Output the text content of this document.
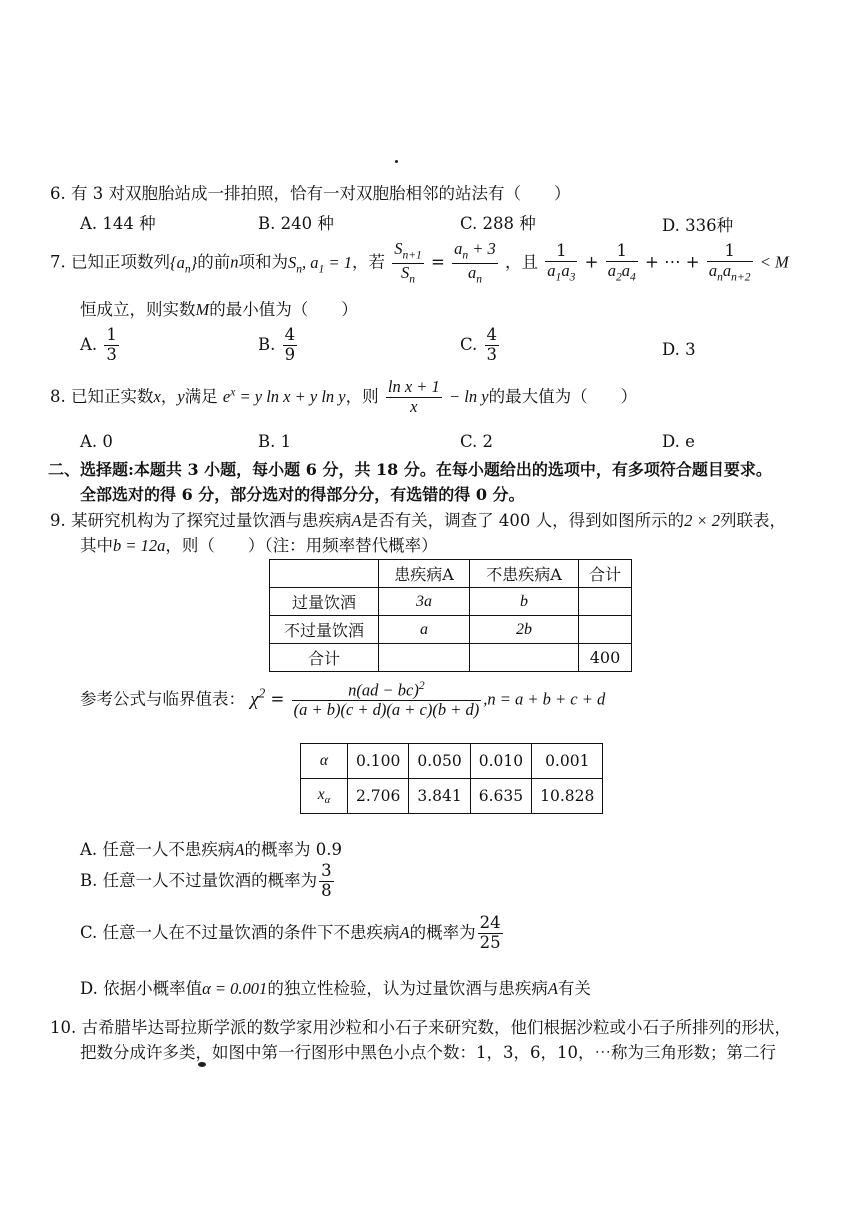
6. 有 3 对双胞胎站成一排拍照，恰有一对双胞胎相邻的站法有（　　）
A. 144 种	B. 240 种	C. 288 种	D. 336种
7. 已知正项数列$\{a_n\}$的前n项和为$S_n$, $a_1 = 1$，若 $\frac{S_{n+1}}{S_n} = \frac{a_n + 3}{a_n}$ ，且 $\frac{1}{a_1a_3} + \frac{1}{a_2a_4}$ + ⋯ + $\frac{1}{a_na_{n+2}} < M$
恒成立，则实数M的最小值为（　　）
A. $\frac{1}{3}$	B. $\frac{4}{9}$	C. $\frac{4}{3}$	D. 3
8. 已知正实数x，y满足 $e^x = y$ ln x + y ln y，则 $\frac{\text{ln x + 1}}{x} - \ln y$的最大值为（　　）
A. 0	B. 1	C. 2	D. e
二、选择题:本题共 3 小题，每小题 6 分，共 18 分。在每小题给出的选项中，有多项符合题目要求。
全部选对的得 6 分，部分选对的得部分分，有选错的得 0 分。
9. 某研究机构为了探究过量饮酒与患疾病A是否有关，调查了 400 人，得到如图所示的2 × 2列联表，
其中b = 12a，则（　　）（注：用频率替代概率）
	患疾病A	不患疾病A	合计
过量饮酒	3a	b	
不过量饮酒	a	2b	
合计			400
参考公式与临界值表： $\chi^2 = \frac{n(ad - bc)^2}{(a + b)(c + d)(a + c)(b + d)} ,n = a + b + c + d$
α	0.100	0.050	0.010	0.001
$x_\alpha$	2.706	3.841	6.635	10.828
A. 任意一人不患疾病A的概率为 0.9
B. 任意一人不过量饮酒的概率为 $\frac{3}{8}$
C. 任意一人在不过量饮酒的条件下不患疾病A的概率为 $\frac{24}{25}$
D. 依据小概率值α = 0.001的独立性检验，认为过量饮酒与患疾病A有关
10. 古希腊毕达哥拉斯学派的数学家用沙粒和小石子来研究数，他们根据沙粒或小石子所排列的形状，
把数分成许多类，如图中第一行图形中黑色小点个数：1，3，6，10，⋯称为三角形数；第二行
